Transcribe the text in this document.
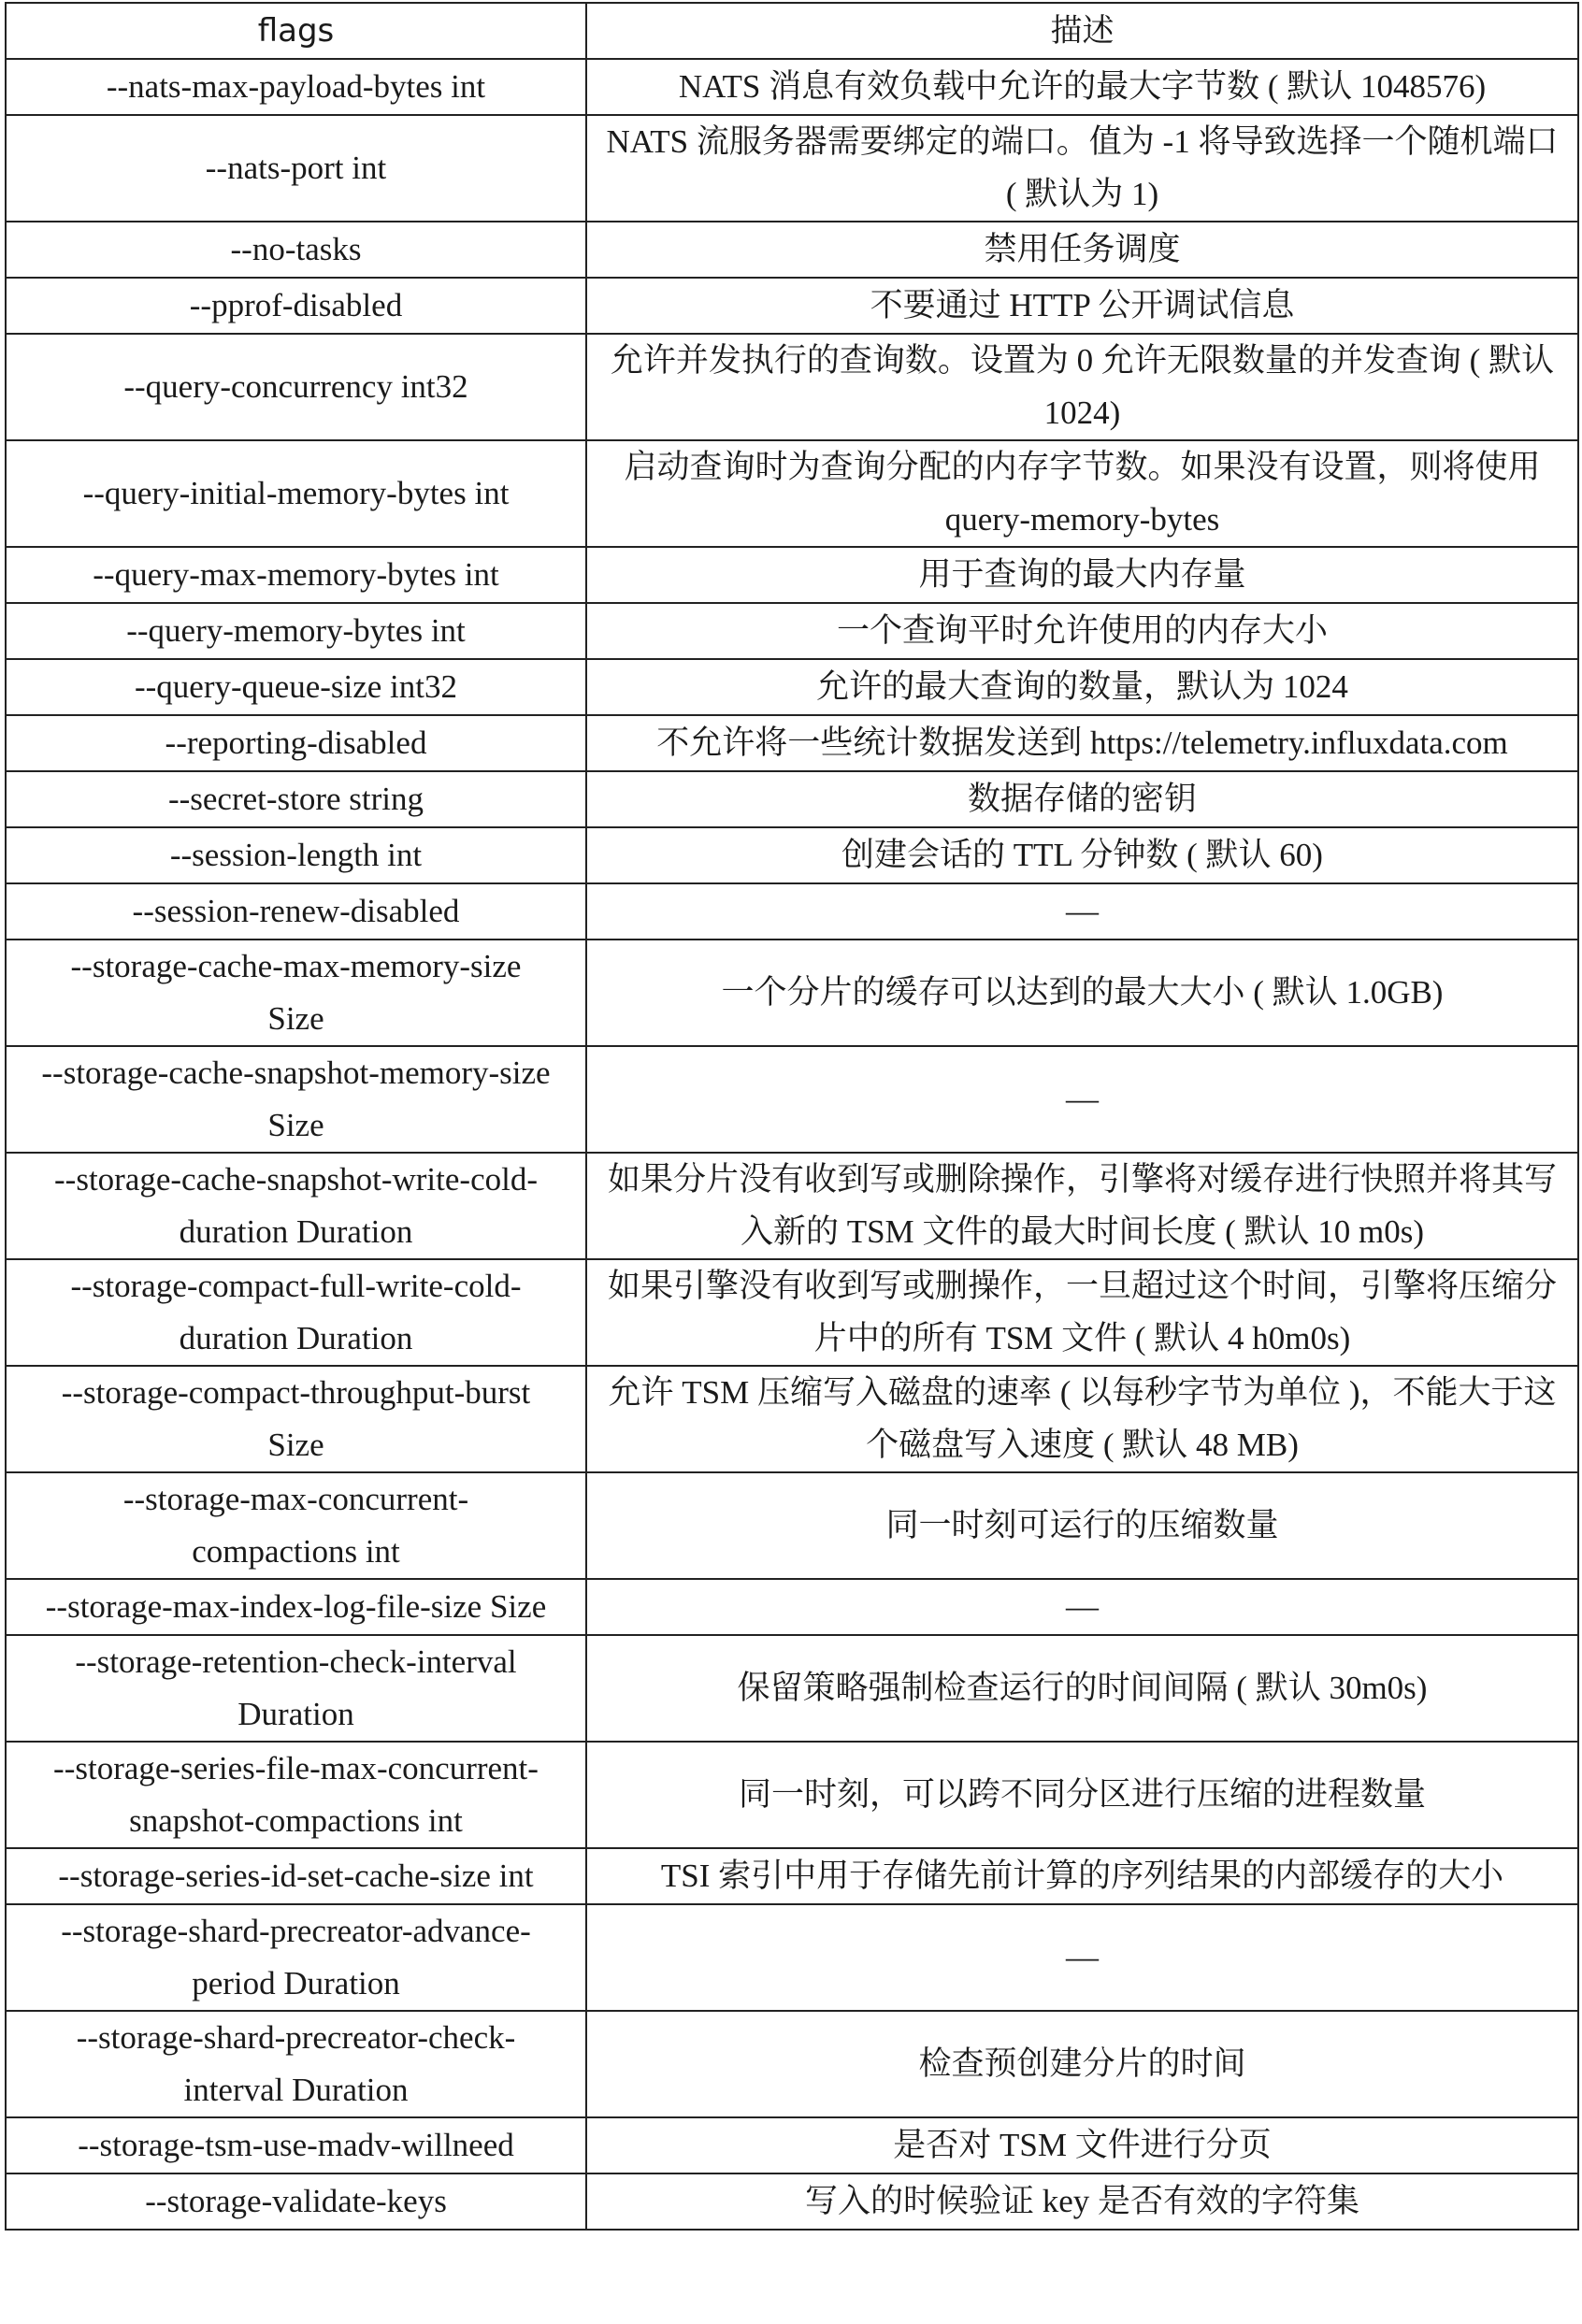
flags	描述
--nats-max-payload-bytes int	NATS 消息有效负载中允许的最大字节数 ( 默认 1048576)
--nats-port int	NATS 流服务器需要绑定的端口。值为 -1 将导致选择一个随机端口 ( 默认为 1)
--no-tasks	禁用任务调度
--pprof-disabled	不要通过 HTTP 公开调试信息
--query-concurrency int32	允许并发执行的查询数。设置为 0 允许无限数量的并发查询 ( 默认 1024)
--query-initial-memory-bytes int	启动查询时为查询分配的内存字节数。如果没有设置，则将使用 query-memory-bytes
--query-max-memory-bytes int	用于查询的最大内存量
--query-memory-bytes int	一个查询平时允许使用的内存大小
--query-queue-size int32	允许的最大查询的数量，默认为 1024
--reporting-disabled	不允许将一些统计数据发送到 https://telemetry.influxdata.com
--secret-store string	数据存储的密钥
--session-length int	创建会话的 TTL 分钟数 ( 默认 60)
--session-renew-disabled	—
--storage-cache-max-memory-size
Size	一个分片的缓存可以达到的最大大小 ( 默认 1.0GB)
--storage-cache-snapshot-memory-size
Size	—
--storage-cache-snapshot-write-cold-
duration Duration	如果分片没有收到写或删除操作，引擎将对缓存进行快照并将其写入新的 TSM 文件的最大时间长度 ( 默认 10 m0s)
--storage-compact-full-write-cold-
duration Duration	如果引擎没有收到写或删操作，一旦超过这个时间，引擎将压缩分片中的所有 TSM 文件 ( 默认 4 h0m0s)
--storage-compact-throughput-burst
Size	允许 TSM 压缩写入磁盘的速率 ( 以每秒字节为单位 )，不能大于这个磁盘写入速度 ( 默认 48 MB)
--storage-max-concurrent-
compactions int	同一时刻可运行的压缩数量
--storage-max-index-log-file-size Size	—
--storage-retention-check-interval
Duration	保留策略强制检查运行的时间间隔 ( 默认 30m0s)
--storage-series-file-max-concurrent-
snapshot-compactions int	同一时刻，可以跨不同分区进行压缩的进程数量
--storage-series-id-set-cache-size int	TSI 索引中用于存储先前计算的序列结果的内部缓存的大小
--storage-shard-precreator-advance-
period Duration	—
--storage-shard-precreator-check-
interval Duration	检查预创建分片的时间
--storage-tsm-use-madv-willneed	是否对 TSM 文件进行分页
--storage-validate-keys	写入的时候验证 key 是否有效的字符集
